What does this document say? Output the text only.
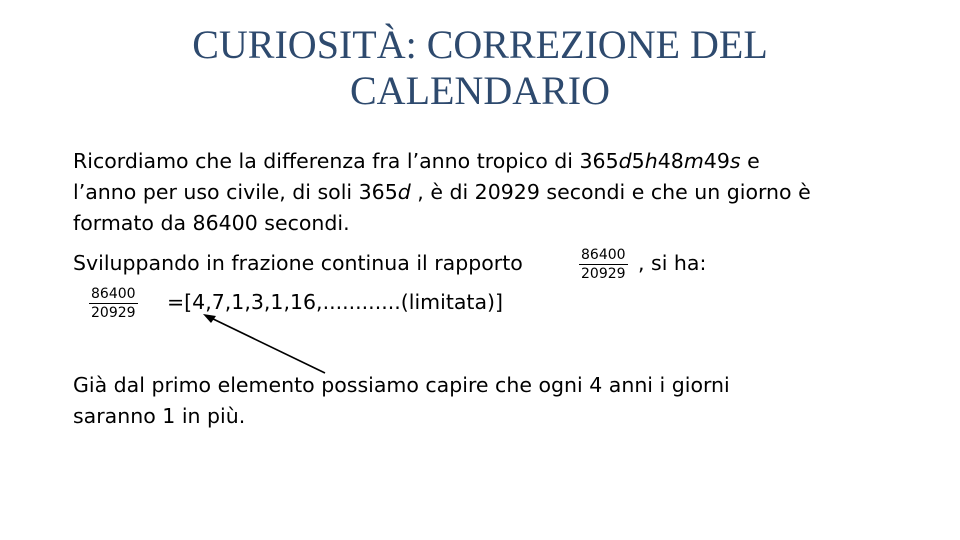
CURIOSITÀ: CORREZIONE DEL
CALENDARIO
Ricordiamo che la differenza fra l’anno tropico di 365d5h48m49s e
l’anno per uso civile, di soli 365d , è di 20929 secondi e che un giorno è
formato da 86400 secondi.
Sviluppando in frazione continua il rapporto	$\frac{86400}{20929}$ , si ha:
$\frac{86400}{20929}$ =[4,7,1,3,1,16,............(limitata)]
Già dal primo elemento possiamo capire che ogni 4 anni i giorni
saranno 1 in più.
